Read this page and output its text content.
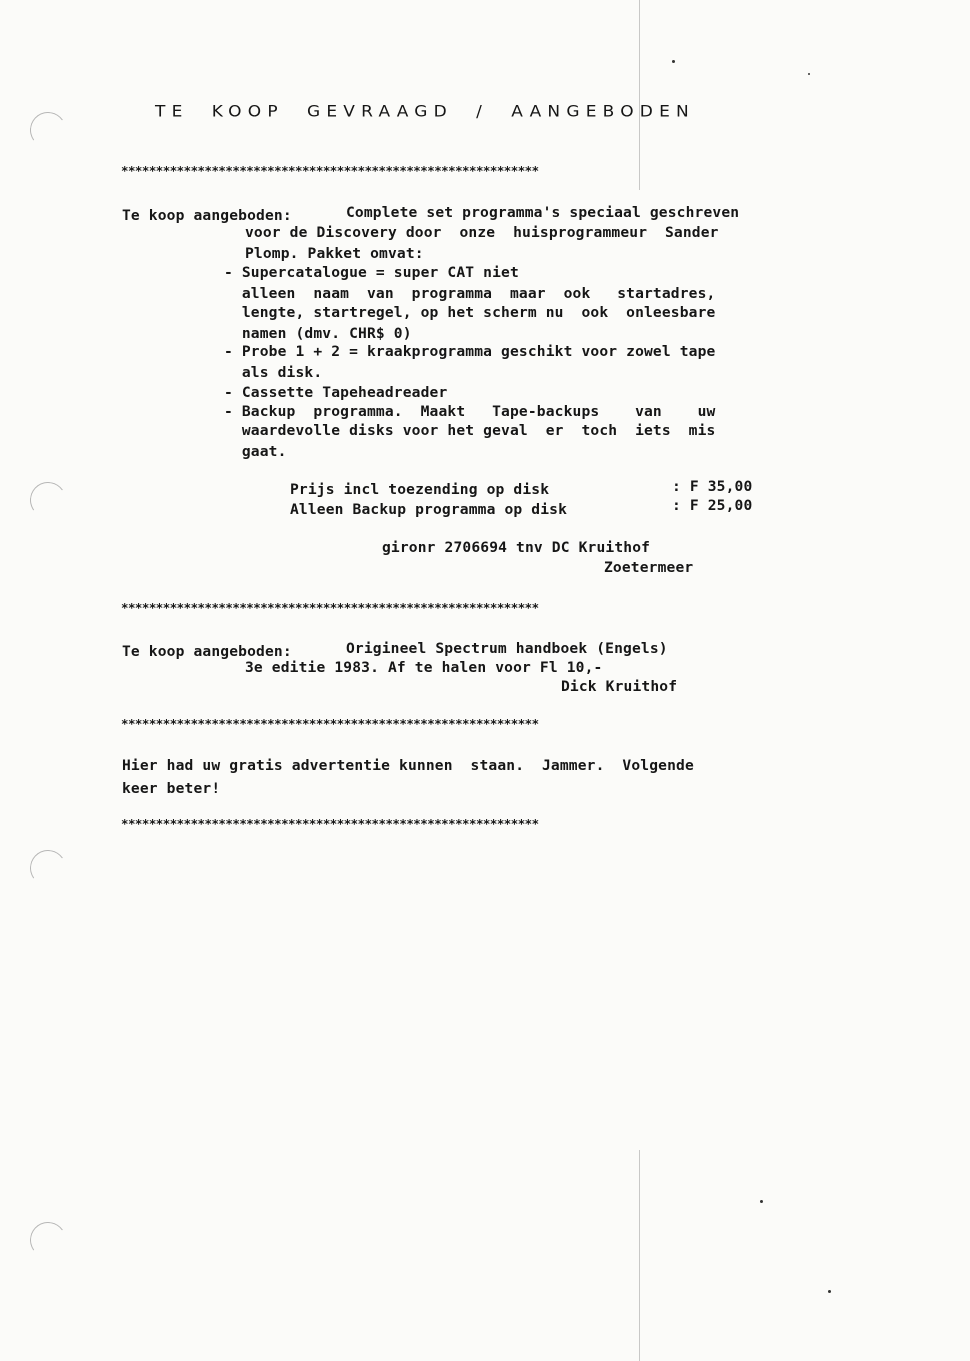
TE  KOOP  GEVRAAGD  /  AANGEBODEN
************************************************************
Te koop aangeboden:	Complete set programma's speciaal geschreven
voor de Discovery door  onze  huisprogrammeur  Sander
Plomp. Pakket omvat:
- Supercatalogue = super CAT niet
alleen  naam  van  programma  maar  ook   startadres,
lengte, startregel, op het scherm nu  ook  onleesbare
namen (dmv. CHR$ 0)
- Probe 1 + 2 = kraakprogramma geschikt voor zowel tape
als disk.
- Cassette Tapeheadreader
- Backup  programma.  Maakt   Tape-backups    van    uw
waardevolle disks voor het geval  er  toch  iets  mis
gaat.
Prijs incl toezending op disk	: F 35,00
Alleen Backup programma op disk	: F 25,00
gironr 2706694 tnv DC Kruithof
Zoetermeer
************************************************************
Te koop aangeboden:	Origineel Spectrum handboek (Engels)
3e editie 1983. Af te halen voor Fl 10,-
Dick Kruithof
************************************************************
Hier had uw gratis advertentie kunnen  staan.  Jammer.  Volgende
keer beter!
************************************************************
